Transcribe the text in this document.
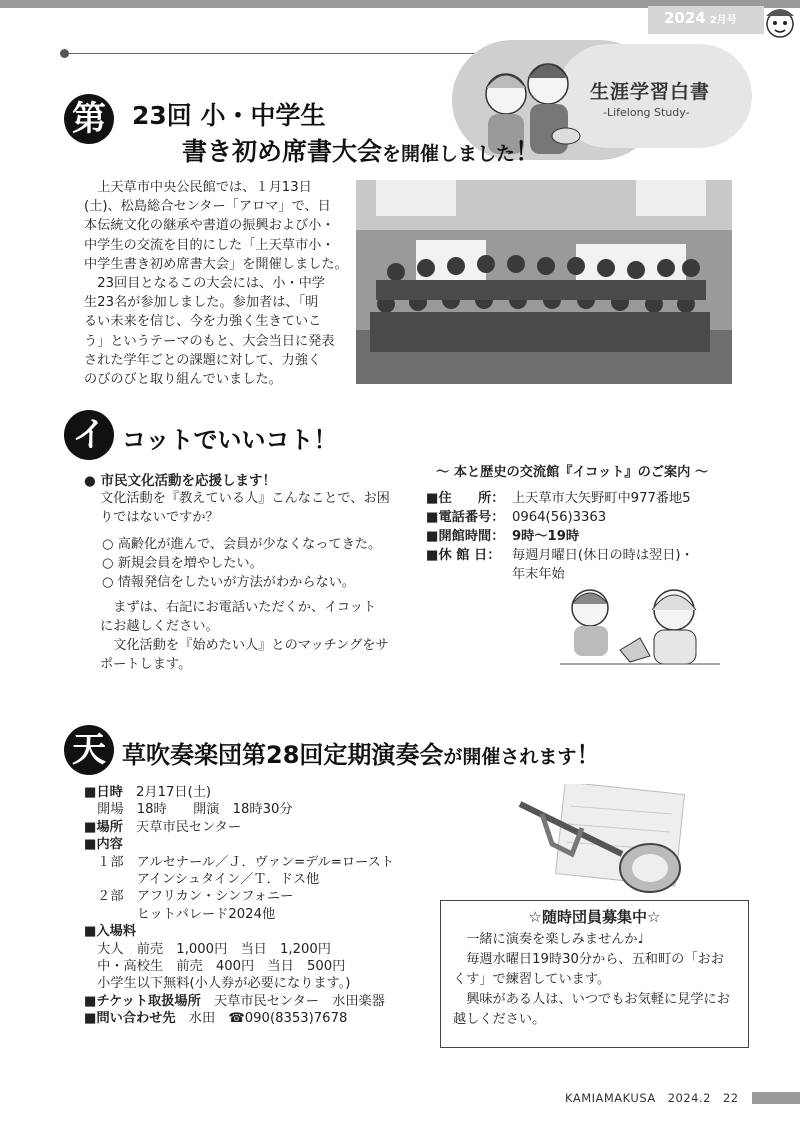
2024 2月号
生涯学習白書
-Lifelong Study-
第	23回 小・中学生
書き初め席書大会を開催しました！
上天草市中央公民館では、１月13日
(土)、松島総合センター「アロマ」で、日
本伝統文化の継承や書道の振興および小・
中学生の交流を目的にした「上天草市小・
中学生書き初め席書大会」を開催しました。
23回目となるこの大会には、小・中学
生23名が参加しました。参加者は、「明
るい未来を信じ、今を力強く生きていこ
う」というテーマのもと、大会当日に発表
された学年ごとの課題に対して、力強く
のびのびと取り組んでいました。
イ コットでいいコト！
● 市民文化活動を応援します！
文化活動を『教えている人』こんなことで、お困
りではないですか？
○ 高齢化が進んで、会員が少なくなってきた。
○ 新規会員を増やしたい。
○ 情報発信をしたいが方法がわからない。
まずは、右記にお電話いただくか、イコット
にお越しください。
文化活動を『始めたい人』とのマッチングをサ
ポートします。
～ 本と歴史の交流館『イコット』のご案内 ～
■住　　所： 上天草市大矢野町中977番地5
■電話番号： 0964(56)3363
■開館時間： 9時～19時
■休 館 日： 毎週月曜日(休日の時は翌日)・
年末年始
天 草吹奏楽団第28回定期演奏会が開催されます！
■日時　2月17日(土)
　開場　18時　　開演　18時30分
■場所　天草市民センター
■内容
　１部　アルセナール／Ｊ．ヴァン=デル=ロースト
　　　　アインシュタイン／Ｔ．ドス他
　２部　アフリカン・シンフォニー
　　　　ヒットパレード2024他
■入場料
　大人　前売　1,000円　当日　1,200円
　中・高校生　前売　400円　当日　500円
　小学生以下無料(小人券が必要になります。)
■チケット取扱場所　天草市民センター　水田楽器
■問い合わせ先　水田　☎090(8353)7678
☆随時団員募集中☆
一緒に演奏を楽しみませんか♩
毎週水曜日19時30分から、五和町の「おお
くす」で練習しています。
興味がある人は、いつでもお気軽に見学にお
越しください。
KAMIAMAKUSA　2024.2　22
